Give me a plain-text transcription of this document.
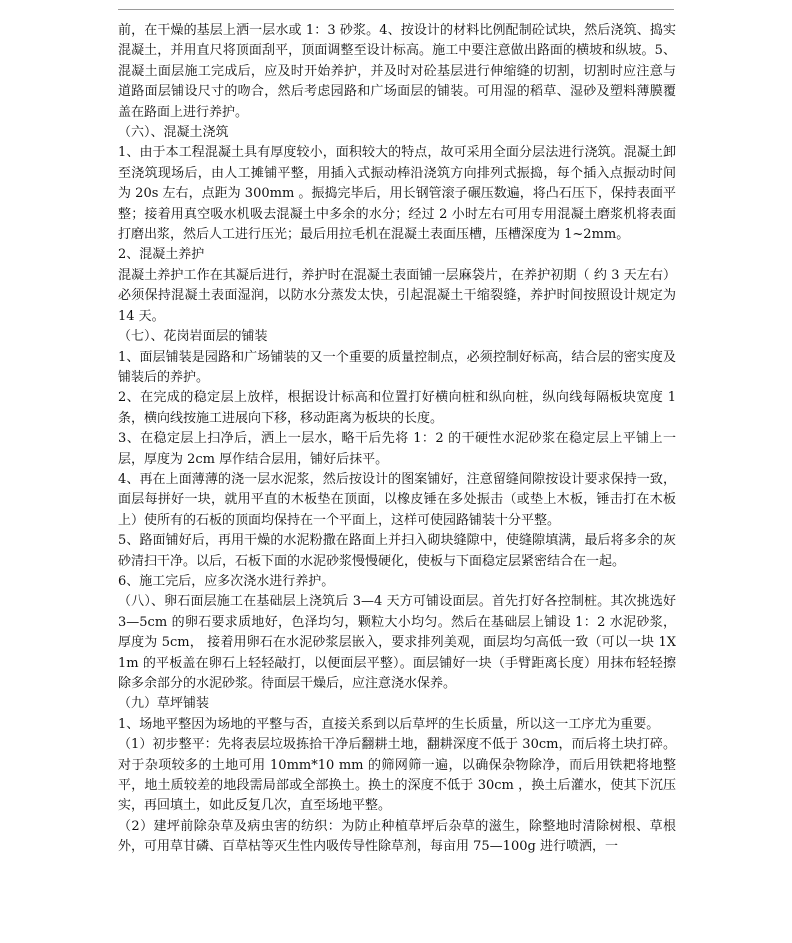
前，在干燥的基层上洒一层水或 1：3 砂浆。4、按设计的材料比例配制砼试块，然后浇筑、捣实混凝土，并用直尺将顶面刮平，顶面调整至设计标高。施工中要注意做出路面的横坡和纵坡。5、混凝土面层施工完成后，应及时开始养护，并及时对砼基层进行伸缩缝的切割，切割时应注意与道路面层铺设尺寸的吻合，然后考虑园路和广场面层的铺装。可用湿的稻草、湿砂及塑料薄膜覆盖在路面上进行养护。

（六）、混凝土浇筑

1、由于本工程混凝土具有厚度较小，面积较大的特点，故可采用全面分层法进行浇筑。混凝土卸至浇筑现场后，由人工摊铺平整，用插入式振动棒沿浇筑方向排列式振捣，每个插入点振动时间为 20s 左右，点距为 300mm 。振捣完毕后，用长钢管滚子碾压数遍，将凸石压下，保持表面平整；接着用真空吸水机吸去混凝土中多余的水分；经过 2 小时左右可用专用混凝土磨浆机将表面打磨出浆，然后人工进行压光；最后用拉毛机在混凝土表面压槽，压槽深度为 1~2mm。

2、混凝土养护

混凝土养护工作在其凝后进行，养护时在混凝土表面铺一层麻袋片，在养护初期（ 约 3 天左右）必须保持混凝土表面湿润，以防水分蒸发太快，引起混凝土干缩裂缝，养护时间按照设计规定为 14 天。

（七）、花岗岩面层的铺装

1、面层铺装是园路和广场铺装的又一个重要的质量控制点，必须控制好标高，结合层的密实度及铺装后的养护。

2、在完成的稳定层上放样，根据设计标高和位置打好横向桩和纵向桩，纵向线每隔板块宽度 1 条，横向线按施工进展向下移，移动距离为板块的长度。

3、在稳定层上扫净后，洒上一层水，略干后先将 1：2 的干硬性水泥砂浆在稳定层上平铺上一层，厚度为 2cm 厚作结合层用，铺好后抹平。

4、再在上面薄薄的浇一层水泥浆，然后按设计的图案铺好，注意留缝间隙按设计要求保持一致，面层每拼好一块，就用平直的木板垫在顶面，以橡皮锤在多处振击（或垫上木板，锤击打在木板上）使所有的石板的顶面均保持在一个平面上，这样可使园路铺装十分平整。

5、路面铺好后，再用干燥的水泥粉撒在路面上并扫入砌块缝隙中，使缝隙填满，最后将多余的灰砂清扫干净。以后，石板下面的水泥砂浆慢慢硬化，使板与下面稳定层紧密结合在一起。

6、施工完后，应多次浇水进行养护。

（八）、卵石面层施工在基础层上浇筑后 3—4 天方可铺设面层。首先打好各控制桩。其次挑选好 3—5cm 的卵石要求质地好，色泽均匀，颗粒大小均匀。然后在基础层上铺设 1：2 水泥砂浆，厚度为 5cm， 接着用卵石在水泥砂浆层嵌入，要求排列美观，面层均匀高低一致（可以一块 1X1m 的平板盖在卵石上轻轻敲打，以便面层平整）。面层铺好一块（手臂距离长度）用抹布轻轻擦除多余部分的水泥砂浆。待面层干燥后，应注意浇水保养。

（九）草坪铺装

1、场地平整因为场地的平整与否，直接关系到以后草坪的生长质量，所以这一工序尤为重要。

（1）初步整平：先将表层垃圾拣拾干净后翻耕土地，翻耕深度不低于 30cm，而后将土块打碎。对于杂项较多的土地可用 10mm*10 mm 的筛网筛一遍，以确保杂物除净，而后用铁耙将地整平，地土质较差的地段需局部或全部换土。换土的深度不低于 30cm ，换土后灌水，使其下沉压实，再回填土，如此反复几次，直至场地平整。

（2）建坪前除杂草及病虫害的纺织：为防止种植草坪后杂草的滋生，除整地时清除树根、草根外，可用草甘磷、百草枯等灭生性内吸传导性除草剂，每亩用 75—100g 进行喷洒，一
